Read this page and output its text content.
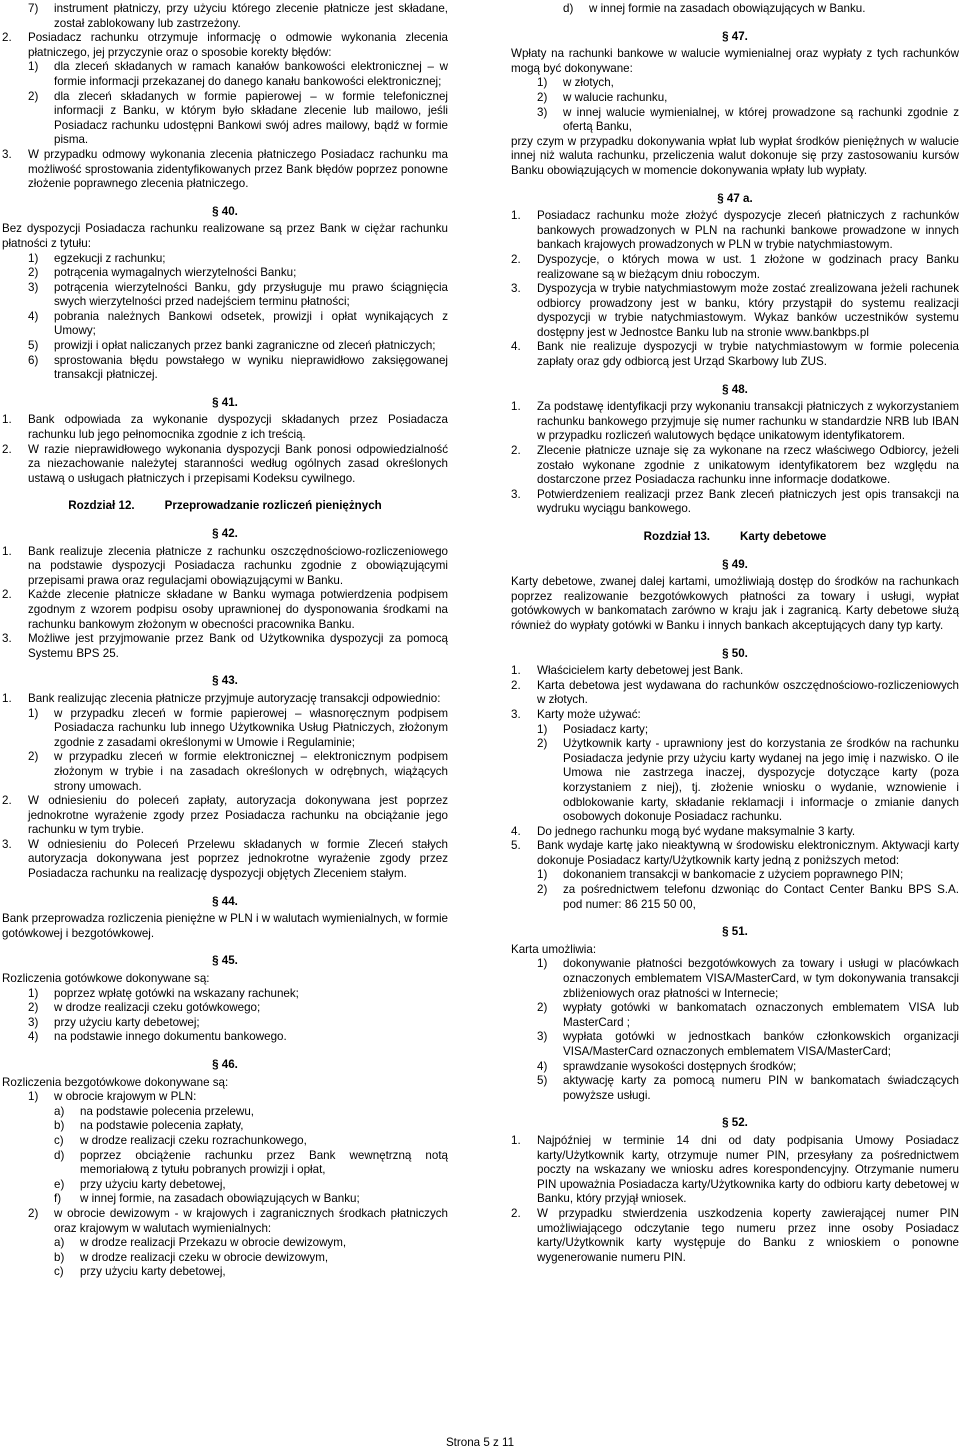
7)	instrument płatniczy, przy użyciu którego zlecenie płatnicze jest składane, został zablokowany lub zastrzeżony.
2.	Posiadacz rachunku otrzymuje informację o odmowie wykonania zlecenia płatniczego, jej przyczynie oraz o sposobie korekty błędów:
1)	dla zleceń składanych w ramach kanałów bankowości elektronicznej – w formie informacji przekazanej do danego kanału bankowości elektronicznej;
2)	dla zleceń składanych w formie papierowej – w formie telefonicznej informacji z Banku, w którym było składane zlecenie lub mailowo, jeśli Posiadacz rachunku udostępni Bankowi swój adres mailowy, bądź w formie pisma.
3.	W przypadku odmowy wykonania zlecenia płatniczego Posiadacz rachunku ma możliwość sprostowania zidentyfikowanych przez Bank błędów poprzez ponowne złożenie poprawnego zlecenia płatniczego.
§ 40.
Bez dyspozycji Posiadacza rachunku realizowane są przez Bank w ciężar rachunku płatności z tytułu:
1)	egzekucji z rachunku;
2)	potrącenia wymagalnych wierzytelności Banku;
3)	potrącenia wierzytelności Banku, gdy przysługuje mu prawo ściągnięcia swych wierzytelności przed nadejściem terminu płatności;
4)	pobrania należnych Bankowi odsetek, prowizji i opłat wynikających z Umowy;
5)	prowizji i opłat naliczanych przez banki zagraniczne od zleceń płatniczych;
6)	sprostowania błędu powstałego w wyniku nieprawidłowo zaksięgowanej transakcji płatniczej.
§ 41.
1.	Bank odpowiada za wykonanie dyspozycji składanych przez Posiadacza rachunku lub jego pełnomocnika zgodnie z ich treścią.
2.	W razie nieprawidłowego wykonania dyspozycji Bank ponosi odpowiedzialność za niezachowanie należytej staranności według ogólnych zasad określonych ustawą o usługach płatniczych i przepisami Kodeksu cywilnego.
Rozdział 12.	Przeprowadzanie rozliczeń pieniężnych
§ 42.
1.	Bank realizuje zlecenia płatnicze z rachunku oszczędnościowo-rozliczeniowego na podstawie dyspozycji Posiadacza rachunku zgodnie z obowiązującymi przepisami prawa oraz regulacjami obowiązującymi w Banku.
2.	Każde zlecenie płatnicze składane w Banku wymaga potwierdzenia podpisem zgodnym z wzorem podpisu osoby uprawnionej do dysponowania środkami na rachunku bankowym złożonym w obecności pracownika Banku.
3.	Możliwe jest przyjmowanie przez Bank od Użytkownika dyspozycji za pomocą Systemu BPS 25.
§ 43.
1.	Bank realizując zlecenia płatnicze przyjmuje autoryzację transakcji odpowiednio:
1)	w przypadku zleceń w formie papierowej – własnoręcznym podpisem Posiadacza rachunku lub innego Użytkownika Usług Płatniczych, złożonym zgodnie z zasadami określonymi w Umowie i Regulaminie;
2)	w przypadku zleceń w formie elektronicznej – elektronicznym podpisem złożonym w trybie i na zasadach określonych w odrębnych, wiążących strony umowach.
2.	W odniesieniu do poleceń zapłaty, autoryzacja dokonywana jest poprzez jednokrotne wyrażenie zgody przez Posiadacza rachunku na obciążanie jego rachunku w tym trybie.
3.	W odniesieniu do Poleceń Przelewu składanych w formie Zleceń stałych autoryzacja dokonywana jest poprzez jednokrotne wyrażenie zgody przez Posiadacza rachunku na realizację dyspozycji objętych Zleceniem stałym.
§ 44.
Bank przeprowadza rozliczenia pieniężne w PLN i w walutach wymienialnych, w formie gotówkowej i bezgotówkowej.
§ 45.
Rozliczenia gotówkowe dokonywane są:
1)	poprzez wpłatę gotówki na wskazany rachunek;
2)	w drodze realizacji czeku gotówkowego;
3)	przy użyciu karty debetowej;
4)	na podstawie innego dokumentu bankowego.
§ 46.
Rozliczenia bezgotówkowe dokonywane są:
1)	w obrocie krajowym w PLN:
a)	na podstawie polecenia przelewu,
b)	na podstawie polecenia zapłaty,
c)	w drodze realizacji czeku rozrachunkowego,
d)	poprzez obciążenie rachunku przez Bank wewnętrzną notą memoriałową z tytułu pobranych prowizji i opłat,
e)	przy użyciu karty debetowej,
f)	w innej formie, na zasadach obowiązujących w Banku;
2)	w obrocie dewizowym - w krajowych i zagranicznych środkach płatniczych oraz krajowym w walutach wymienialnych:
a)	w drodze realizacji Przekazu w obrocie dewizowym,
b)	w drodze realizacji czeku w obrocie dewizowym,
c)	przy użyciu karty debetowej,
d)	w innej formie na zasadach obowiązujących w Banku.
§ 47.
Wpłaty na rachunki bankowe w walucie wymienialnej oraz wypłaty z tych rachunków mogą być dokonywane:
1)	w złotych,
2)	w walucie rachunku,
3)	w innej walucie wymienialnej, w której prowadzone są rachunki zgodnie z ofertą Banku,
przy czym w przypadku dokonywania wpłat lub wypłat środków pieniężnych w walucie innej niż waluta rachunku, przeliczenia walut dokonuje się przy zastosowaniu kursów Banku obowiązujących w momencie dokonywania wpłaty lub wypłaty.
§ 47 a.
1.	Posiadacz rachunku może złożyć dyspozycje zleceń płatniczych z rachunków bankowych prowadzonych w PLN na rachunki bankowe prowadzone w innych bankach krajowych prowadzonych w PLN w trybie natychmiastowym.
2.	Dyspozycje, o których mowa w ust. 1 złożone w godzinach pracy Banku realizowane są w bieżącym dniu roboczym.
3.	Dyspozycja w trybie natychmiastowym może zostać zrealizowana jeżeli rachunek odbiorcy prowadzony jest w banku, który przystąpił do systemu realizacji dyspozycji w trybie natychmiastowym. Wykaz banków uczestników systemu dostępny jest w Jednostce Banku lub na stronie www.bankbps.pl
4.	Bank nie realizuje dyspozycji w trybie natychmiastowym w formie polecenia zapłaty oraz gdy odbiorcą jest Urząd Skarbowy lub ZUS.
§ 48.
1.	Za podstawę identyfikacji przy wykonaniu transakcji płatniczych z wykorzystaniem rachunku bankowego przyjmuje się numer rachunku w standardzie NRB lub IBAN w przypadku rozliczeń walutowych będące unikatowym identyfikatorem.
2.	Zlecenie płatnicze uznaje się za wykonane na rzecz właściwego Odbiorcy, jeżeli zostało wykonane zgodnie z unikatowym identyfikatorem bez względu na dostarczone przez Posiadacza rachunku inne informacje dodatkowe.
3.	Potwierdzeniem realizacji przez Bank zleceń płatniczych jest opis transakcji na wydruku wyciągu bankowego.
Rozdział 13.	Karty debetowe
§ 49.
Karty debetowe, zwanej dalej kartami, umożliwiają dostęp do środków na rachunkach poprzez realizowanie bezgotówkowych płatności za towary i usługi, wypłat gotówkowych w bankomatach zarówno w kraju jak i zagranicą. Karty debetowe służą również do wypłaty gotówki w Banku i innych bankach akceptujących dany typ karty.
§ 50.
1.	Właścicielem karty debetowej jest Bank.
2.	Karta debetowa jest wydawana do rachunków oszczędnościowo-rozliczeniowych w złotych.
3.	Karty może używać:
1)	Posiadacz karty;
2)	Użytkownik karty - uprawniony jest do korzystania ze środków na rachunku Posiadacza jedynie przy użyciu karty wydanej na jego imię i nazwisko. O ile Umowa nie zastrzega inaczej, dyspozycje dotyczące karty (poza korzystaniem z niej), tj. złożenie wniosku o wydanie, wznowienie i odblokowanie karty, składanie reklamacji i informacje o zmianie danych osobowych dokonuje Posiadacz rachunku.
4.	Do jednego rachunku mogą być wydane maksymalnie 3 karty.
5.	Bank wydaje kartę jako nieaktywną w środowisku elektronicznym. Aktywacji karty dokonuje Posiadacz karty/Użytkownik karty jedną z poniższych metod:
1)	dokonaniem transakcji w bankomacie z użyciem poprawnego PIN;
2)	za pośrednictwem telefonu dzwoniąc do Contact Center Banku BPS S.A. pod numer: 86 215 50 00,
§ 51.
Karta umożliwia:
1)	dokonywanie płatności bezgotówkowych za towary i usługi w placówkach oznaczonych emblematem VISA/MasterCard, w tym dokonywania transakcji zbliżeniowych oraz płatności w Internecie;
2)	wypłaty gotówki w bankomatach oznaczonych emblematem VISA lub MasterCard ;
3)	wypłata gotówki w jednostkach banków członkowskich organizacji VISA/MasterCard oznaczonych emblematem VISA/MasterCard;
4)	sprawdzanie wysokości dostępnych środków;
5)	aktywację karty za pomocą numeru PIN w bankomatach świadczących powyższe usługi.
§ 52.
1.	Najpóźniej w terminie 14 dni od daty podpisania Umowy Posiadacz karty/Użytkownik karty, otrzymuje numer PIN, przesyłany za pośrednictwem poczty na wskazany we wniosku adres korespondencyjny. Otrzymanie numeru PIN upoważnia Posiadacza karty/Użytkownika karty do odbioru karty debetowej w Banku, który przyjął wniosek.
2.	W przypadku stwierdzenia uszkodzenia koperty zawierającej numer PIN umożliwiającego odczytanie tego numeru przez inne osoby Posiadacz karty/Użytkownik karty występuje do Banku z wnioskiem o ponowne wygenerowanie numeru PIN.
Strona 5 z 11
